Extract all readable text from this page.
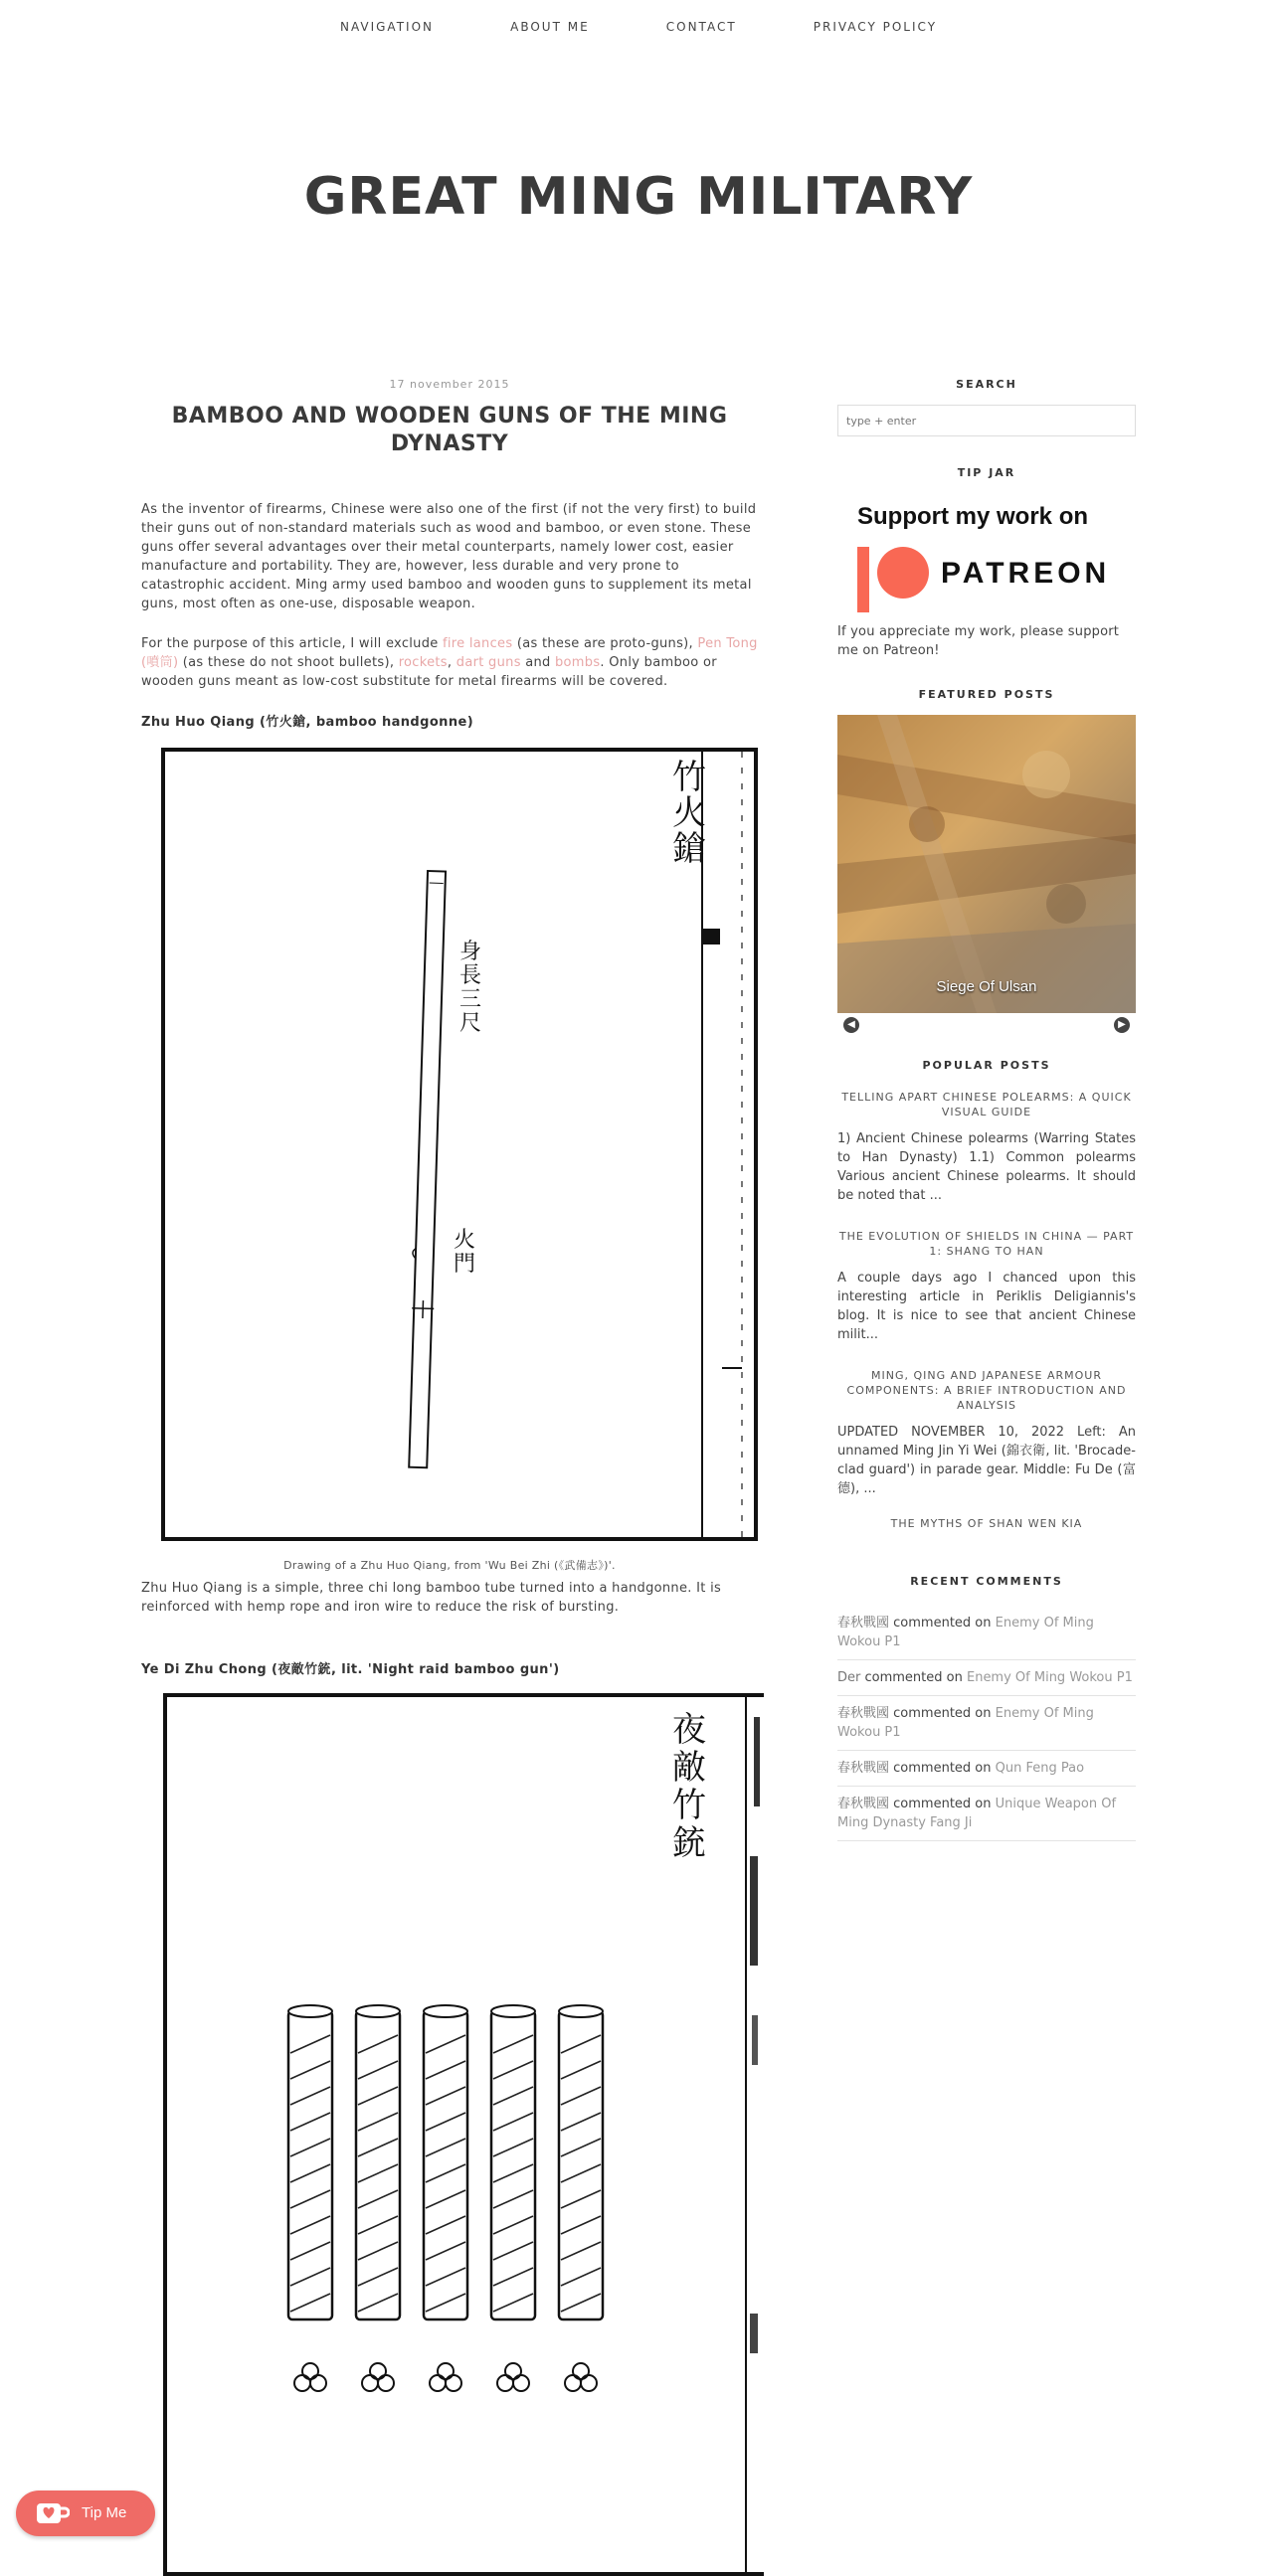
NAVIGATION	ABOUT ME	CONTACT	PRIVACY POLICY
GREAT MING MILITARY
17 november 2015
BAMBOO AND WOODEN GUNS OF THE MING DYNASTY

As the inventor of firearms, Chinese were also one of the first (if not the very first) to build their guns out of non-standard materials such as wood and bamboo, or even stone. These guns offer several advantages over their metal counterparts, namely lower cost, easier manufacture and portability. They are, however, less durable and very prone to catastrophic accident. Ming army used bamboo and wooden guns to supplement its metal guns, most often as one-use, disposable weapon.

For the purpose of this article, I will exclude fire lances (as these are proto-guns), Pen Tong (噴筒) (as these do not shoot bullets), rockets, dart guns and bombs. Only bamboo or wooden guns meant as low-cost substitute for metal firearms will be covered.

Zhu Huo Qiang (竹火鎗, bamboo handgonne)
竹
火
鎗
身
長
三
尺
火
門
Drawing of a Zhu Huo Qiang, from 'Wu Bei Zhi (《武備志》)'.

Zhu Huo Qiang is a simple, three chi long bamboo tube turned into a handgonne. It is reinforced with hemp rope and iron wire to reduce the risk of bursting.

Ye Di Zhu Chong (夜敵竹銃, lit. 'Night raid bamboo gun')
夜
敵
竹
銃
SEARCH
type + enter
TIP JAR
Support my work on
PATREON
If you appreciate my work, please support me on Patreon!
FEATURED POSTS
Siege Of Ulsan
◀	▶
POPULAR POSTS
TELLING APART CHINESE POLEARMS: A QUICK VISUAL GUIDE
1) Ancient Chinese polearms (Warring States to Han Dynasty) 1.1) Common polearms Various ancient Chinese polearms. It should be noted that ...
THE EVOLUTION OF SHIELDS IN CHINA — PART 1: SHANG TO HAN
A couple days ago I chanced upon this interesting article in Periklis Deligiannis's blog. It is nice to see that ancient Chinese milit...
MING, QING AND JAPANESE ARMOUR COMPONENTS: A BRIEF INTRODUCTION AND ANALYSIS
UPDATED NOVEMBER 10, 2022 Left: An unnamed Ming Jin Yi Wei (錦衣衛, lit. 'Brocade-clad guard') in parade gear. Middle: Fu De (富德), ...
THE MYTHS OF SHAN WEN KIA
RECENT COMMENTS
春秋戰國 commented on Enemy Of Ming Wokou P1
Der commented on Enemy Of Ming Wokou P1
春秋戰國 commented on Enemy Of Ming Wokou P1
春秋戰國 commented on Qun Feng Pao
春秋戰國 commented on Unique Weapon Of Ming Dynasty Fang Ji
Tip Me
